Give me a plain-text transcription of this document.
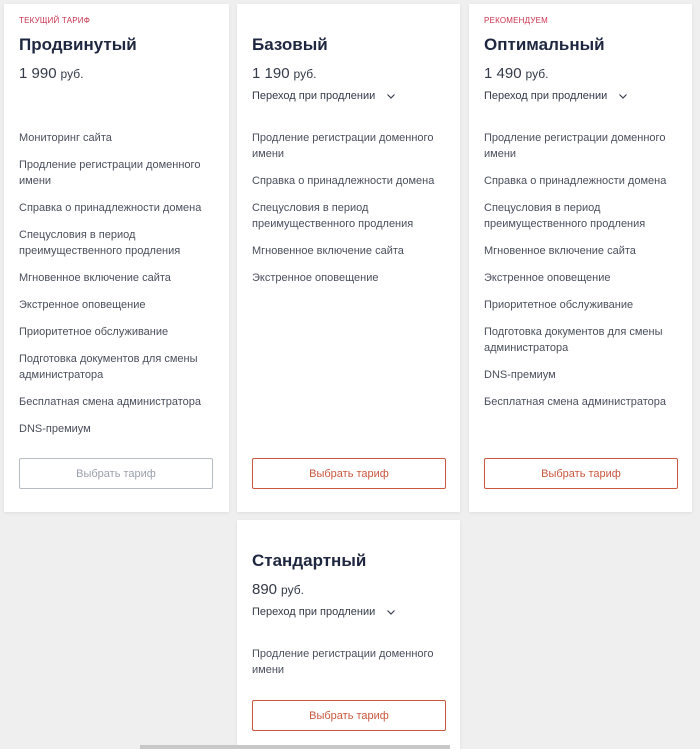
ТЕКУЩИЙ ТАРИФ
Продвинутый
1 990 руб.
Мониторинг сайта
Продление регистрации доменного имени
Справка о принадлежности домена
Спецусловия в период преимущественного продления
Мгновенное включение сайта
Экстренное оповещение
Приоритетное обслуживание
Подготовка документов для смены администратора
Бесплатная смена администратора
DNS-премиум
Выбрать тариф
Базовый
1 190 руб.
Переход при продлении
Продление регистрации доменного имени
Справка о принадлежности домена
Спецусловия в период преимущественного продления
Мгновенное включение сайта
Экстренное оповещение
Выбрать тариф
РЕКОМЕНДУЕМ
Оптимальный
1 490 руб.
Переход при продлении
Продление регистрации доменного имени
Справка о принадлежности домена
Спецусловия в период преимущественного продления
Мгновенное включение сайта
Экстренное оповещение
Приоритетное обслуживание
Подготовка документов для смены администратора
DNS-премиум
Бесплатная смена администратора
Выбрать тариф
Стандартный
890 руб.
Переход при продлении
Продление регистрации доменного имени
Выбрать тариф
